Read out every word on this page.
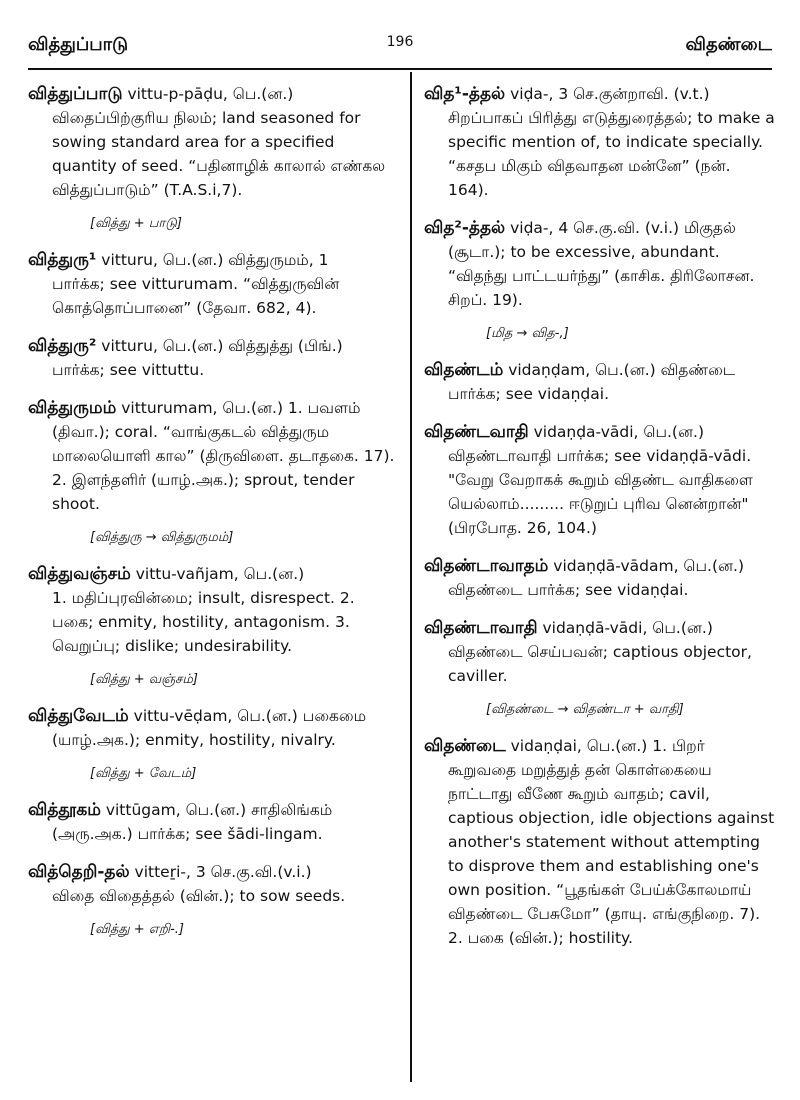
வித்துப்பாடு	196	விதண்டை
வித்துப்பாடு vittu-p-pāḍu, பெ.(ன.)
விதைப்பிற்குரிய நிலம்; land seasoned for sowing standard area for a specified quantity of seed. “பதினாழிக் காலால் எண்கல வித்துப்பாடும்” (T.A.S.i,7).
[வித்து + பாடு]
வித்துரு¹ vitturu, பெ.(ன.) வித்துருமம், 1
பார்க்க; see vitturumam. “வித்துருவின் கொத்தொப்பானை” (தேவா. 682, 4).
வித்துரு² vitturu, பெ.(ன.) வித்துத்து (பிங்.)
பார்க்க; see vittuttu.
வித்துருமம் vitturumam, பெ.(ன.) 1. பவளம்
(திவா.); coral. “வாங்குகடல் வித்துரும மாலையொளி கால” (திருவிளை. தடாதகை. 17). 2. இளந்தளிர் (யாழ்.அக.); sprout, tender shoot.
[வித்துரு → வித்துருமம்]
வித்துவஞ்சம் vittu-vañjam, பெ.(ன.)
1. மதிப்புரவின்மை; insult, disrespect. 2. பகை; enmity, hostility, antagonism. 3. வெறுப்பு; dislike; undesirability.
[வித்து + வஞ்சம்]
வித்துவேடம் vittu-vēḍam, பெ.(ன.) பகைமை
(யாழ்.அக.); enmity, hostility, nivalry.
[வித்து + வேடம்]
வித்தூகம் vittūgam, பெ.(ன.) சாதிலிங்கம்
(அரு.அக.) பார்க்க; see šādi-lingam.
வித்தெறி-தல் vitteṟi-, 3 செ.கு.வி.(v.i.)
விதை விதைத்தல் (வின்.); to sow seeds.
[வித்து + எறி-.]
வித¹-த்தல் viḍa-, 3 செ.குன்றாவி. (v.t.)
சிறப்பாகப் பிரித்து எடுத்துரைத்தல்; to make a specific mention of, to indicate specially. “கசதப மிகும் விதவாதன மன்னே” (நன். 164).
வித²-த்தல் viḍa-, 4 செ.கு.வி. (v.i.) மிகுதல்
(சூடா.); to be excessive, abundant. “விதந்து பாட்டயர்ந்து” (காசிக. திரிலோசன. சிறப். 19).
[மித → வித-,]
விதண்டம் vidaṇḍam, பெ.(ன.) விதண்டை
பார்க்க; see vidaṇḍai.
விதண்டவாதி vidaṇḍa-vādi, பெ.(ன.)
விதண்டாவாதி பார்க்க; see vidaṇḍā-vādi. "வேறு வேறாகக் கூறும் விதண்ட வாதிகளை யெல்லாம்......... ஈடுறுப் புரிவ னென்றான்" (பிரபோத. 26, 104.)
விதண்டாவாதம் vidaṇḍā-vādam, பெ.(ன.)
விதண்டை பார்க்க; see vidaṇḍai.
விதண்டாவாதி vidaṇḍā-vādi, பெ.(ன.)
விதண்டை செய்பவன்; captious objector, caviller.
[விதண்டை → விதண்டா + வாதி]
விதண்டை vidaṇḍai, பெ.(ன.) 1. பிறர்
கூறுவதை மறுத்துத் தன் கொள்கையை நாட்டாது வீணே கூறும் வாதம்; cavil, captious objection, idle objections against another's statement without attempting to disprove them and establishing one's own position. “பூதங்கள் பேய்க்கோலமாய் விதண்டை பேசுமோ” (தாயு. எங்குநிறை. 7). 2. பகை (வின்.); hostility.
